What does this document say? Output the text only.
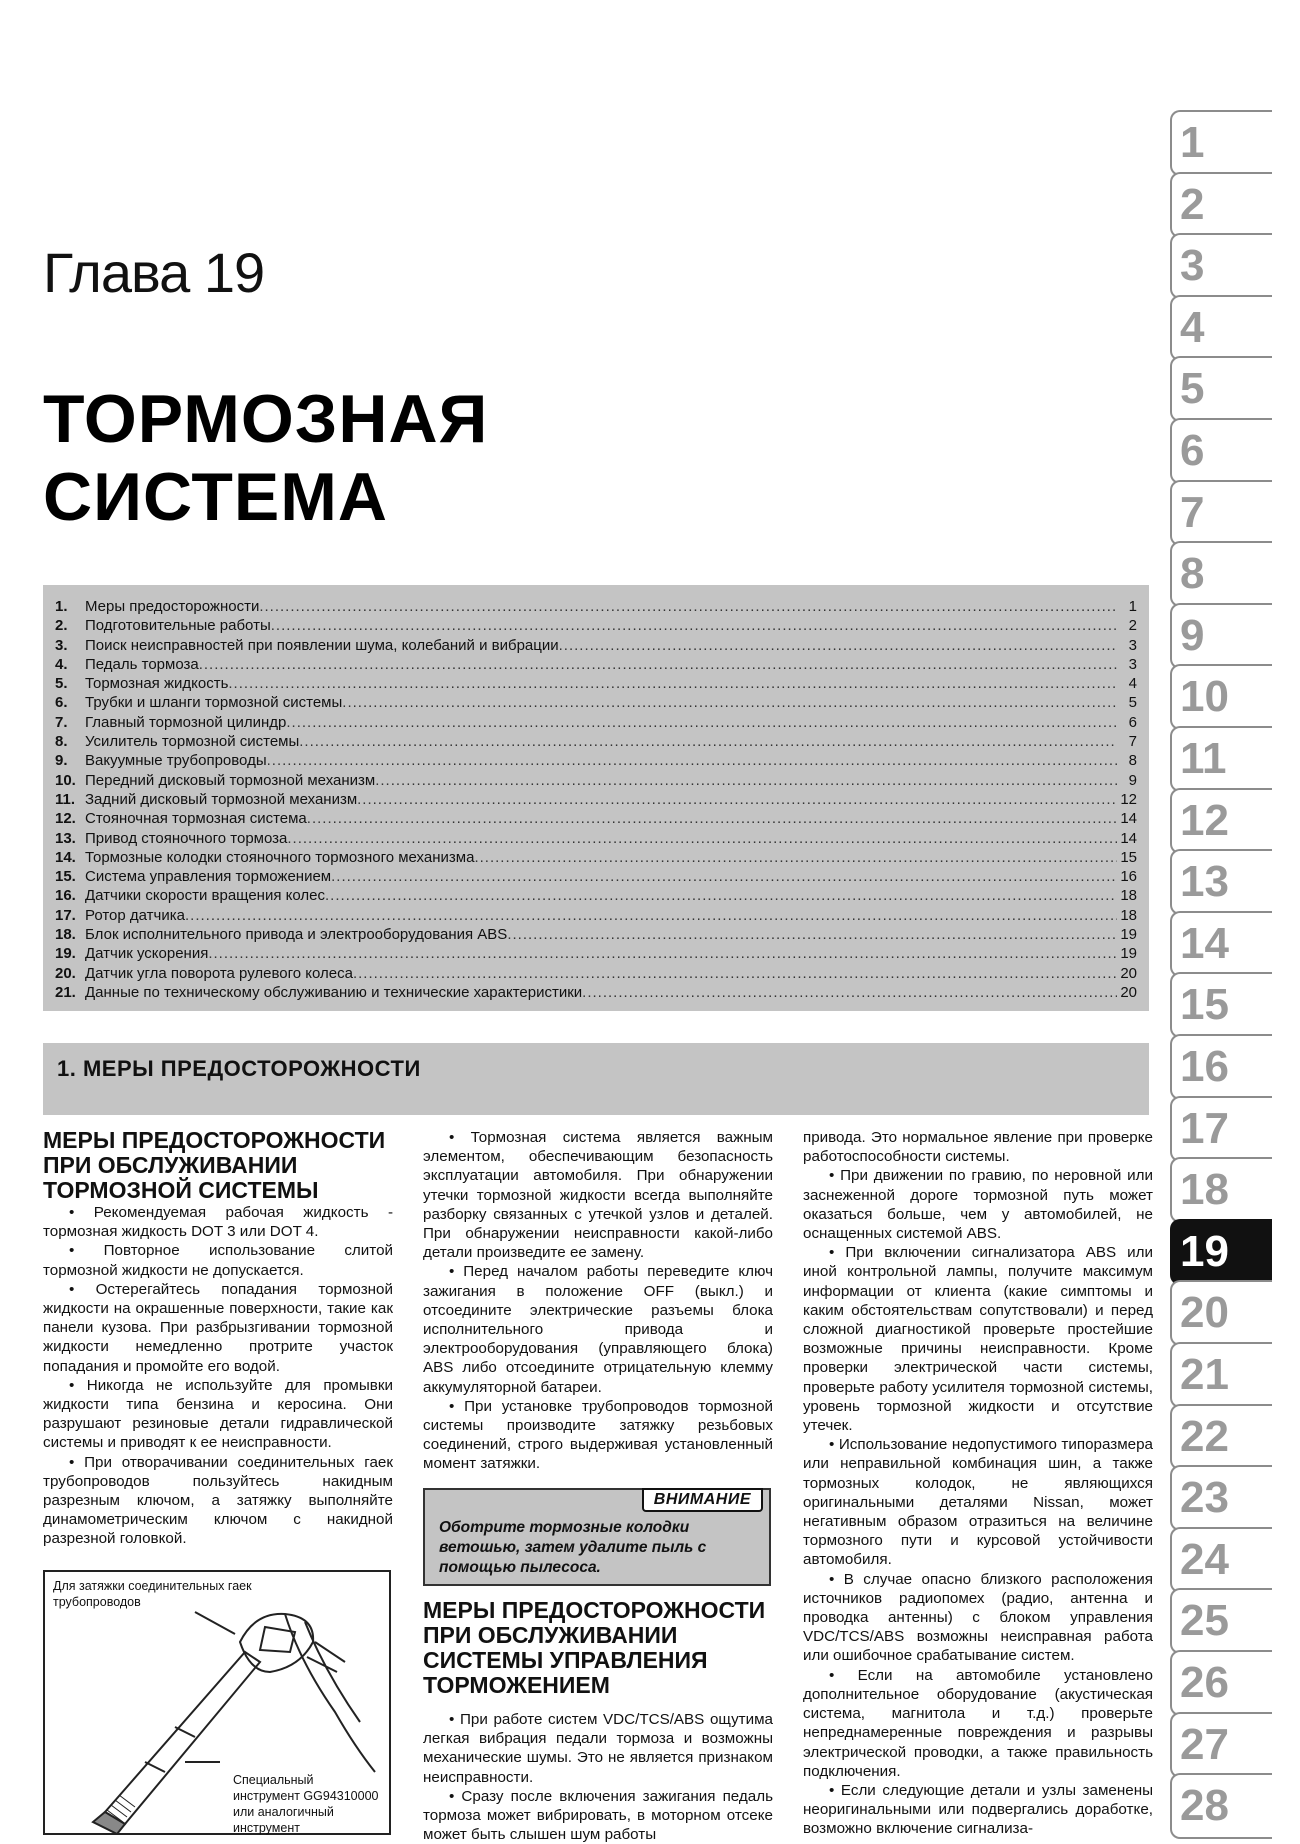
Глава 19
ТОРМОЗНАЯ
СИСТЕМА
1
2
3
4
5
6
7
8
9
10
11
12
13
14
15
16
17
18
19
20
21
22
23
24
25
26
27
28
1.	Меры предосторожности .....	1
2.	Подготовительные работы .....	2
3.	Поиск неисправностей при появлении шума, колебаний и вибрации .....	3
4.	Педаль тормоза .....	3
5.	Тормозная жидкость .....	4
6.	Трубки и шланги тормозной системы .....	5
7.	Главный тормозной цилиндр .....	6
8.	Усилитель тормозной системы .....	7
9.	Вакуумные трубопроводы .....	8
10. Передний дисковый тормозной механизм .....	9
11. Задний дисковый тормозной механизм .....	12
12. Стояночная тормозная система .....	14
13. Привод стояночного тормоза .....	14
14. Тормозные колодки стояночного тормозного механизма .....	15
15. Система управления торможением .....	16
16. Датчики скорости вращения колес .....	18
17. Ротор датчика .....	18
18. Блок исполнительного привода и электрооборудования ABS .....	19
19. Датчик ускорения .....	19
20. Датчик угла поворота рулевого колеса .....	20
21. Данные по техническому обслуживанию и технические характеристики .....	20
1. МЕРЫ ПРЕДОСТОРОЖНОСТИ

МЕРЫ ПРЕДОСТОРОЖНОСТИ ПРИ ОБСЛУЖИВАНИИ ТОРМОЗНОЙ СИСТЕМЫ

• Рекомендуемая рабочая жидкость - тормозная жидкость DOT 3 или DOT 4.

• Повторное использование слитой тормозной жидкости не допускается.

• Остерегайтесь попадания тормозной жидкости на окрашенные поверхности, такие как панели кузова. При разбрызгивании тормозной жидкости немедленно протрите участок попадания и промойте его водой.

• Никогда не используйте для промывки жидкости типа бензина и керосина. Они разрушают резиновые детали гидравлической системы и приводят к ее неисправности.

• При отворачивании соединительных гаек трубопроводов пользуйтесь накидным разрезным ключом, а затяжку выполняйте динамометрическим ключом с накидной разрезной головкой.

Для затяжки соединительных гаек трубопроводов
Специальный инструмент GG94310000 или аналогичный инструмент

• Тормозная система является важным элементом, обеспечивающим безопасность эксплуатации автомобиля. При обнаружении утечки тормозной жидкости всегда выполняйте разборку связанных с утечкой узлов и деталей. При обнаружении неисправности какой-либо детали произведите ее замену.

• Перед началом работы переведите ключ зажигания в положение OFF (выкл.) и отсоедините электрические разъемы блока исполнительного привода и электрооборудования (управляющего блока) ABS либо отсоедините отрицательную клемму аккумуляторной батареи.

• При установке трубопроводов тормозной системы производите затяжку резьбовых соединений, строго выдерживая установленный момент затяжки.

ВНИМАНИЕ
Оботрите тормозные колодки ветошью, затем удалите пыль с помощью пылесоса.

МЕРЫ ПРЕДОСТОРОЖНОСТИ ПРИ ОБСЛУЖИВАНИИ СИСТЕМЫ УПРАВЛЕНИЯ ТОРМОЖЕНИЕМ

• При работе систем VDC/TCS/ABS ощутима легкая вибрация педали тормоза и возможны механические шумы. Это не является признаком неисправности.

• Сразу после включения зажигания педаль тормоза может вибрировать, в моторном отсеке может быть слышен шум работы

привода. Это нормальное явление при проверке работоспособности системы.

• При движении по гравию, по неровной или заснеженной дороге тормозной путь может оказаться больше, чем у автомобилей, не оснащенных системой ABS.

• При включении сигнализатора ABS или иной контрольной лампы, получите максимум информации от клиента (какие симптомы и каким обстоятельствам сопутствовали) и перед сложной диагностикой проверьте простейшие возможные причины неисправности. Кроме проверки электрической части системы, проверьте работу усилителя тормозной системы, уровень тормозной жидкости и отсутствие утечек.

• Использование недопустимого типоразмера или неправильной комбинация шин, а также тормозных колодок, не являющихся оригинальными деталями Nissan, может негативным образом отразиться на величине тормозного пути и курсовой устойчивости автомобиля.

• В случае опасно близкого расположения источников радиопомех (радио, антенна и проводка антенны) с блоком управления VDC/TCS/ABS возможны неисправная работа или ошибочное срабатывание систем.

• Если на автомобиле установлено дополнительное оборудование (акустическая система, магнитола и т.д.) проверьте непреднамеренные повреждения и разрывы электрической проводки, а также правильность подключения.

• Если следующие детали и узлы заменены неоригинальными или подвергались доработке, возможно включение сигнализа-
